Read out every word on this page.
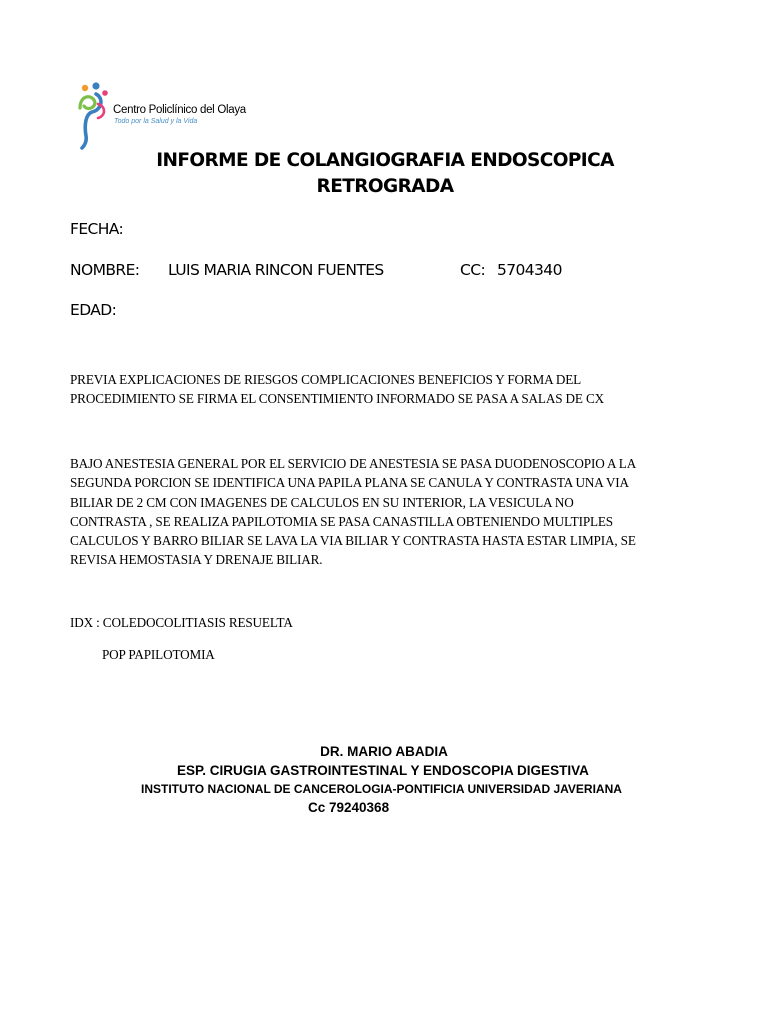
Centro Policlínico del Olaya
Todo por la Salud y la Vida
INFORME DE COLANGIOGRAFIA ENDOSCOPICA
RETROGRADA
FECHA:
NOMBRE: LUIS MARIA RINCON FUENTES	CC: 5704340
EDAD:
PREVIA EXPLICACIONES DE RIESGOS COMPLICACIONES BENEFICIOS Y FORMA DEL
PROCEDIMIENTO SE FIRMA EL CONSENTIMIENTO INFORMADO SE PASA A SALAS DE CX
BAJO ANESTESIA GENERAL POR EL SERVICIO DE ANESTESIA SE PASA DUODENOSCOPIO A LA
SEGUNDA PORCION SE IDENTIFICA UNA PAPILA PLANA SE CANULA Y CONTRASTA UNA VIA
BILIAR DE 2 CM CON IMAGENES DE CALCULOS EN SU INTERIOR, LA VESICULA NO
CONTRASTA , SE REALIZA PAPILOTOMIA SE PASA CANASTILLA OBTENIENDO MULTIPLES
CALCULOS Y BARRO BILIAR SE LAVA LA VIA BILIAR Y CONTRASTA HASTA ESTAR LIMPIA, SE
REVISA HEMOSTASIA Y DRENAJE BILIAR.
IDX : COLEDOCOLITIASIS RESUELTA
POP PAPILOTOMIA
DR. MARIO ABADIA
ESP. CIRUGIA GASTROINTESTINAL Y ENDOSCOPIA DIGESTIVA
INSTITUTO NACIONAL DE CANCEROLOGIA-PONTIFICIA UNIVERSIDAD JAVERIANA
Cc 79240368
